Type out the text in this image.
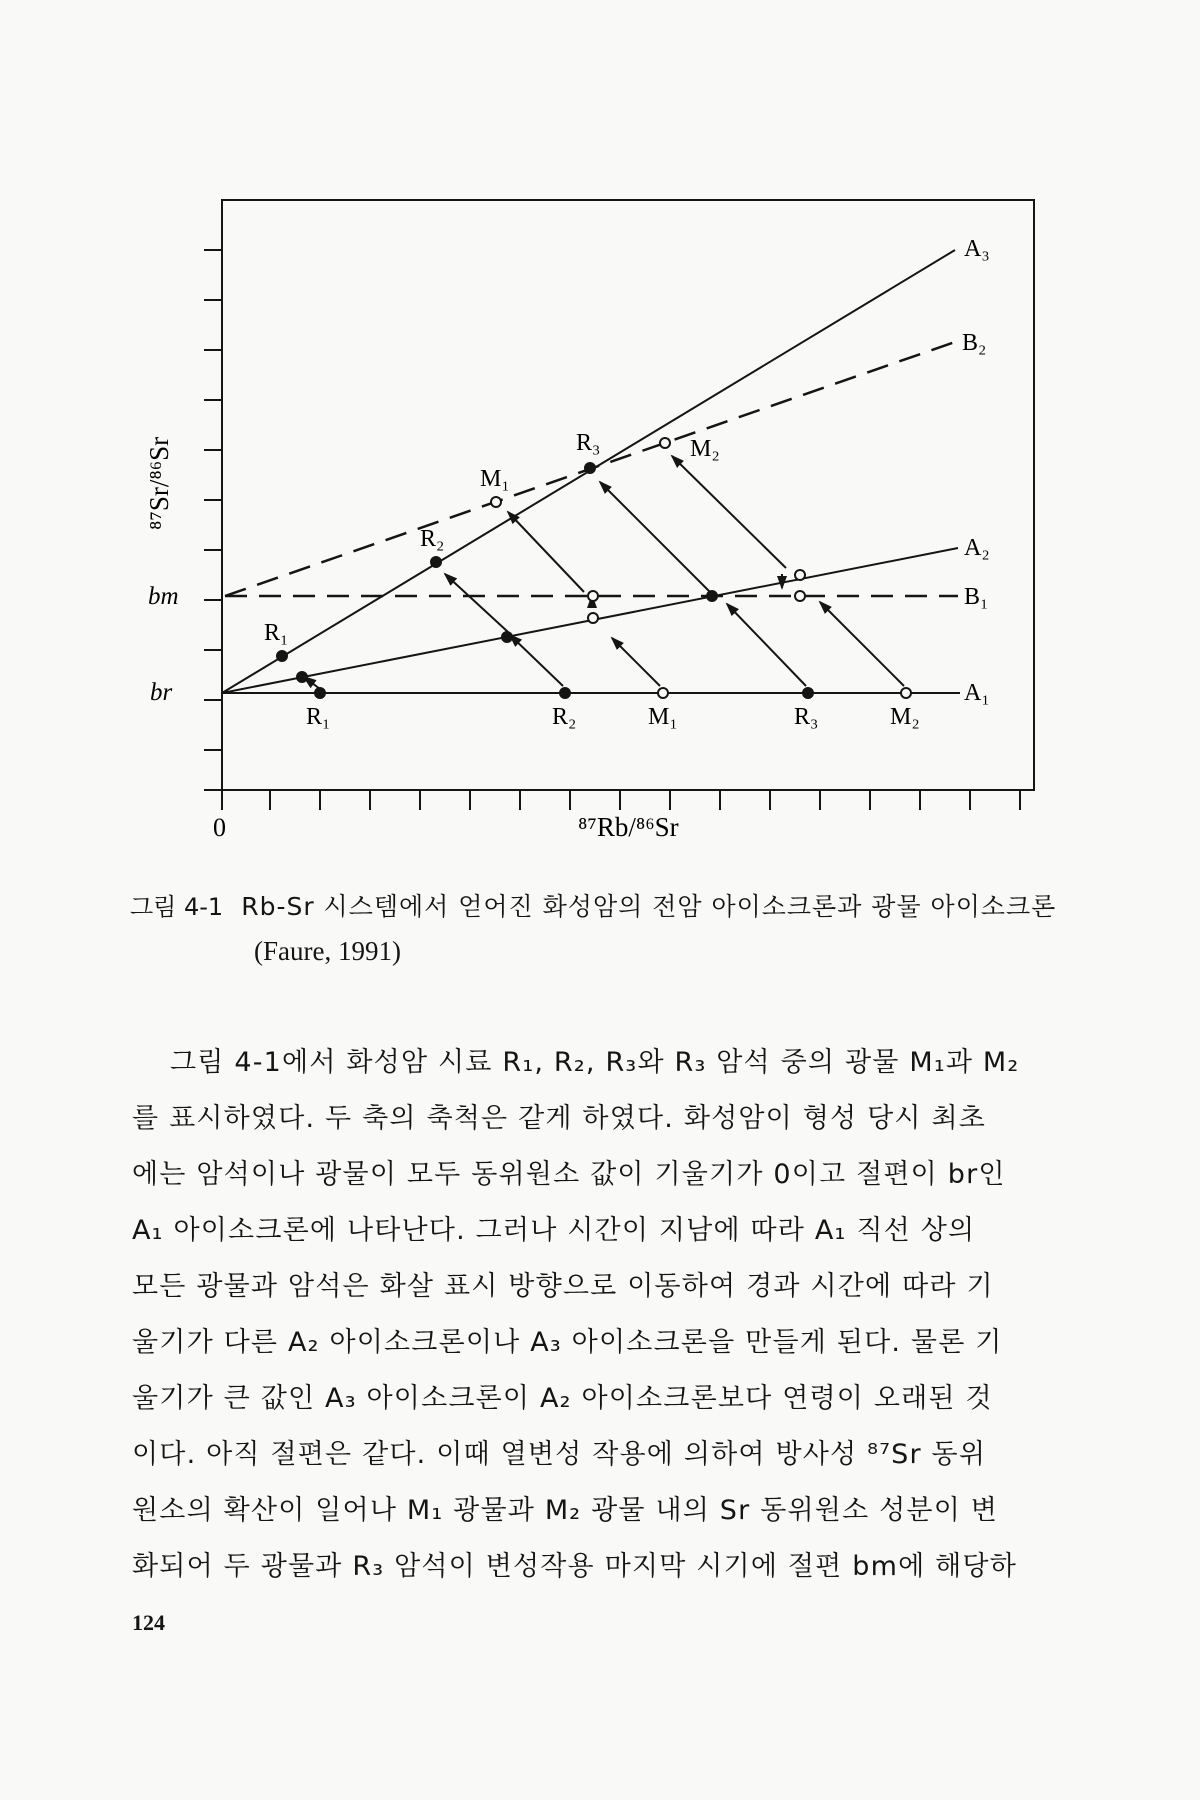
⁸⁷Sr/⁸⁶Sr
⁸⁷Rb/⁸⁶Sr
0
bm
br
A₃
B₂
A₂
B₁
A₁
R₁	R₂	M₁	R₃	M₂
R₁
R₂
R₃
M₁
M₂
그림 4-1 Rb-Sr 시스템에서 얻어진 화성암의 전암 아이소크론과 광물 아이소크론
(Faure, 1991)
그림 4-1에서 화성암 시료 R₁, R₂, R₃와 R₃ 암석 중의 광물 M₁과 M₂
를 표시하였다. 두 축의 축척은 같게 하였다. 화성암이 형성 당시 최초
에는 암석이나 광물이 모두 동위원소 값이 기울기가 0이고 절편이 br인
A₁ 아이소크론에 나타난다. 그러나 시간이 지남에 따라 A₁ 직선 상의
모든 광물과 암석은 화살 표시 방향으로 이동하여 경과 시간에 따라 기
울기가 다른 A₂ 아이소크론이나 A₃ 아이소크론을 만들게 된다. 물론 기
울기가 큰 값인 A₃ 아이소크론이 A₂ 아이소크론보다 연령이 오래된 것
이다. 아직 절편은 같다. 이때 열변성 작용에 의하여 방사성 ⁸⁷Sr 동위
원소의 확산이 일어나 M₁ 광물과 M₂ 광물 내의 Sr 동위원소 성분이 변
화되어 두 광물과 R₃ 암석이 변성작용 마지막 시기에 절편 bm에 해당하
124
